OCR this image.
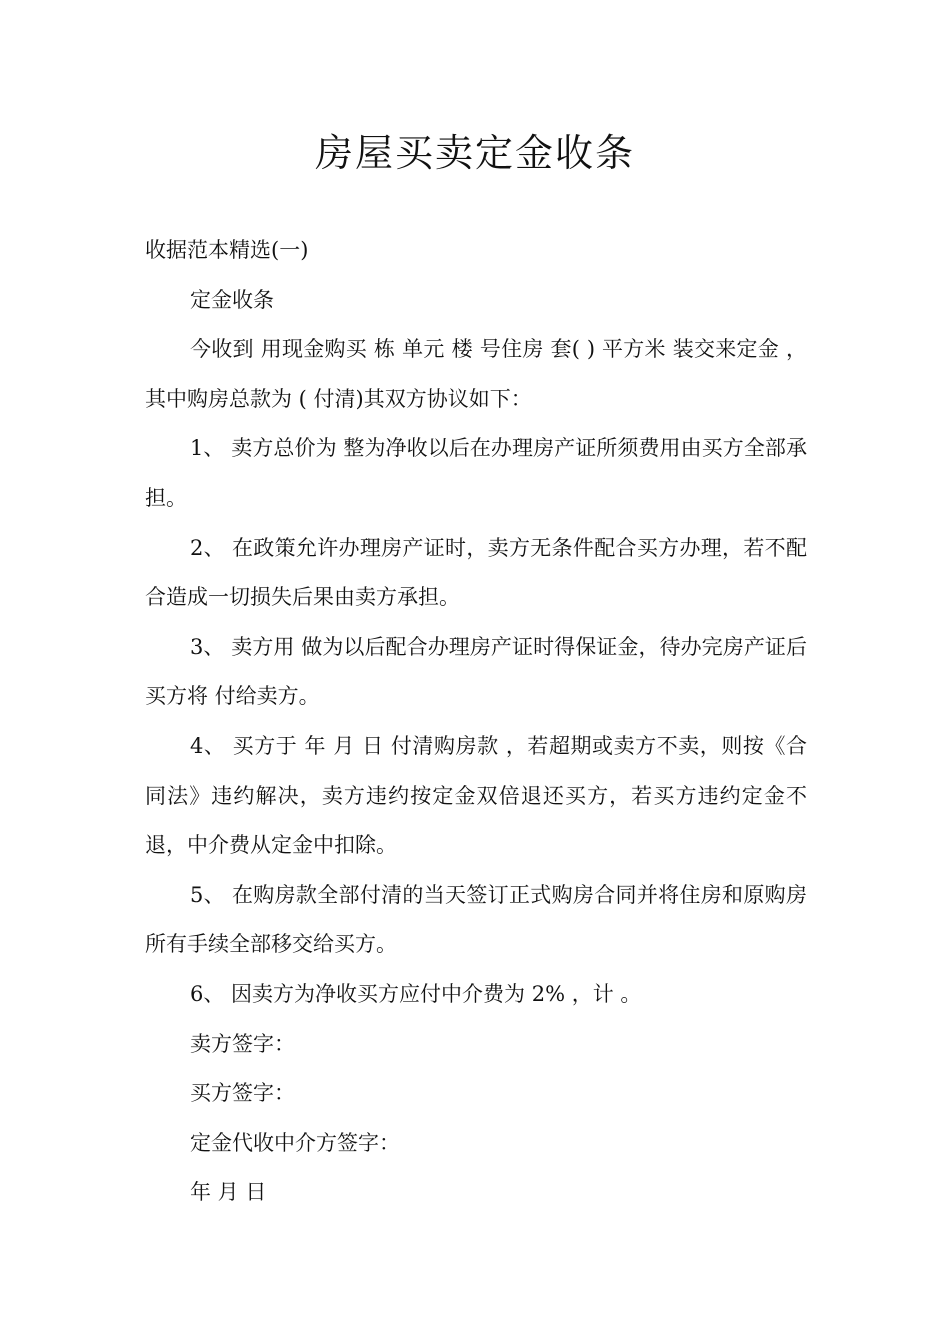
房屋买卖定金收条

收据范本精选(一)

定金收条

今收到 用现金购买 栋 单元 楼 号住房 套( ) 平方米 装交来定金 ，其中购房总款为 ( 付清)其双方协议如下：

1、 卖方总价为 整为净收以后在办理房产证所须费用由买方全部承担。

2、 在政策允许办理房产证时，卖方无条件配合买方办理，若不配合造成一切损失后果由卖方承担。

3、 卖方用 做为以后配合办理房产证时得保证金，待办完房产证后买方将 付给卖方。

4、 买方于 年 月 日 付清购房款 ，若超期或卖方不卖，则按《合同法》违约解决，卖方违约按定金双倍退还买方，若买方违约定金不退，中介费从定金中扣除。

5、 在购房款全部付清的当天签订正式购房合同并将住房和原购房所有手续全部移交给买方。

6、 因卖方为净收买方应付中介费为 2% ，计 。

卖方签字：

买方签字：

定金代收中介方签字：

年 月 日
